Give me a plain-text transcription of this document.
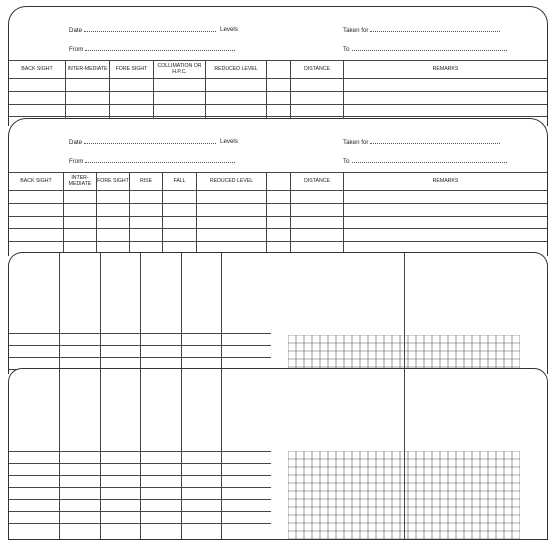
Date	Levels	Taken for
From	To
BACK SIGHT	INTER-MEDIATE	FORE SIGHT	COLLIMATION OR H.P.C.	REDUCED LEVEL	DISTANCE	REMARKS
Date	Levels	Taken for
From	To
BACK SIGHT	INTER-MEDIATE	FORE SIGHT	RISE	FALL	REDUCED LEVEL	DISTANCE	REMARKS
